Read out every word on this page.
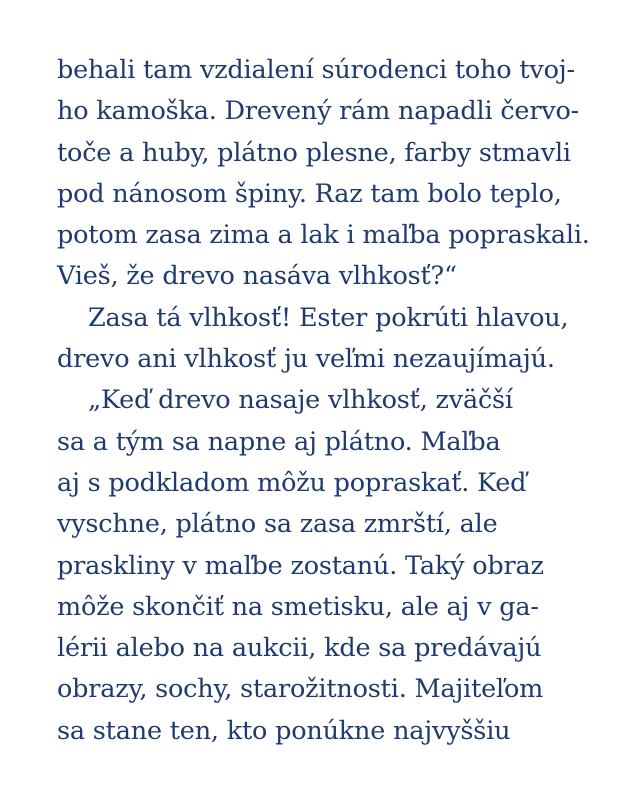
behali tam vzdialení súrodenci toho tvoj-
ho kamoška. Drevený rám napadli červo-
toče a huby, plátno plesne, farby stmavli
pod nánosom špiny. Raz tam bolo teplo,
potom zasa zima a lak i maľba popraskali.
Vieš, že drevo nasáva vlhkosť?“
Zasa tá vlhkosť! Ester pokrúti hlavou,
drevo ani vlhkosť ju veľmi nezaujímajú.
„Keď drevo nasaje vlhkosť, zväčší
sa a tým sa napne aj plátno. Maľba
aj s podkladom môžu popraskať. Keď
vyschne, plátno sa zasa zmrští, ale
praskliny v maľbe zostanú. Taký obraz
môže skončiť na smetisku, ale aj v ga-
lérii alebo na aukcii, kde sa predávajú
obrazy, sochy, starožitnosti. Majiteľom
sa stane ten, kto ponúkne najvyššiu
